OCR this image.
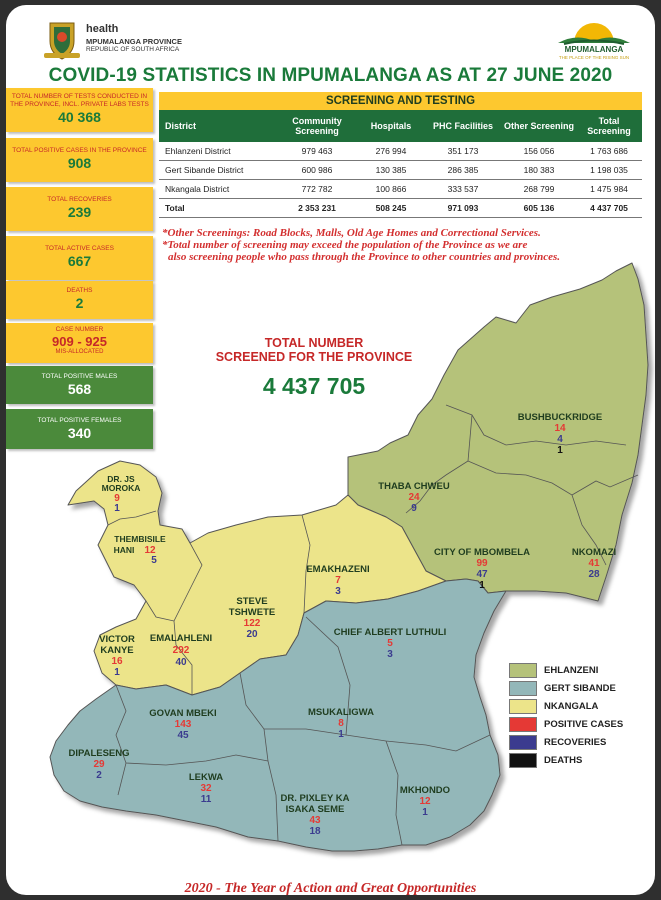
health
MPUMALANGA PROVINCE
REPUBLIC OF SOUTH AFRICA	MPUMALANGA
THE PLACE OF THE RISING SUN
COVID-19 STATISTICS IN MPUMALANGA AS AT 27 JUNE 2020
TOTAL NUMBER OF TESTS CONDUCTED IN THE PROVINCE, INCL. PRIVATE LABS TESTS
40 368
TOTAL POSITIVE CASES IN THE PROVINCE
908
TOTAL RECOVERIES
239
TOTAL ACTIVE CASES
667
DEATHS
2
CASE NUMBER
909 - 925
MIS-ALLOCATED
TOTAL POSITIVE MALES
568
TOTAL POSITIVE FEMALES
340
SCREENING AND TESTING
District	Community Screening	Hospitals	PHC Facilities	Other Screening	Total Screening
Ehlanzeni District	979 463	276 994	351 173	156 056	1 763 686
Gert Sibande District	600 986	130 385	286 385	180 383	1 198 035
Nkangala District	772 782	100 866	333 537	268 799	1 475 984
Total	2 353 231	508 245	971 093	605 136	4 437 705
*Other Screenings: Road Blocks, Malls, Old Age Homes and Correctional Services.
*Total number of screening may exceed the population of the Province as we are
also screening people who pass through the Province to other countries and provinces.
BUSHBUCKRIDGE
14
4
1
THABA CHWEU
24
9
CITY OF MBOMBELA
99
47
1
NKOMAZI
41
28
DR. JS
MOROKA
9
1
THEMBISILE
HANI 12
5
EMAKHAZENI
7
3
STEVE
TSHWETE
122
20
EMALAHLENI
292
40
VICTOR
KANYE
16
1
CHIEF ALBERT LUTHULI
5
3
GOVAN MBEKI
143
45
MSUKALIGWA
8
1
DIPALESENG
29
2	LEKWA
32
11	DR. PIXLEY KA
ISAKA SEME
43
18
MKHONDO
12
1
TOTAL NUMBER
SCREENED FOR THE PROVINCE
4 437 705
EHLANZENI
GERT SIBANDE
NKANGALA
POSITIVE CASES
RECOVERIES
DEATHS
2020 - The Year of Action and Great Opportunities
